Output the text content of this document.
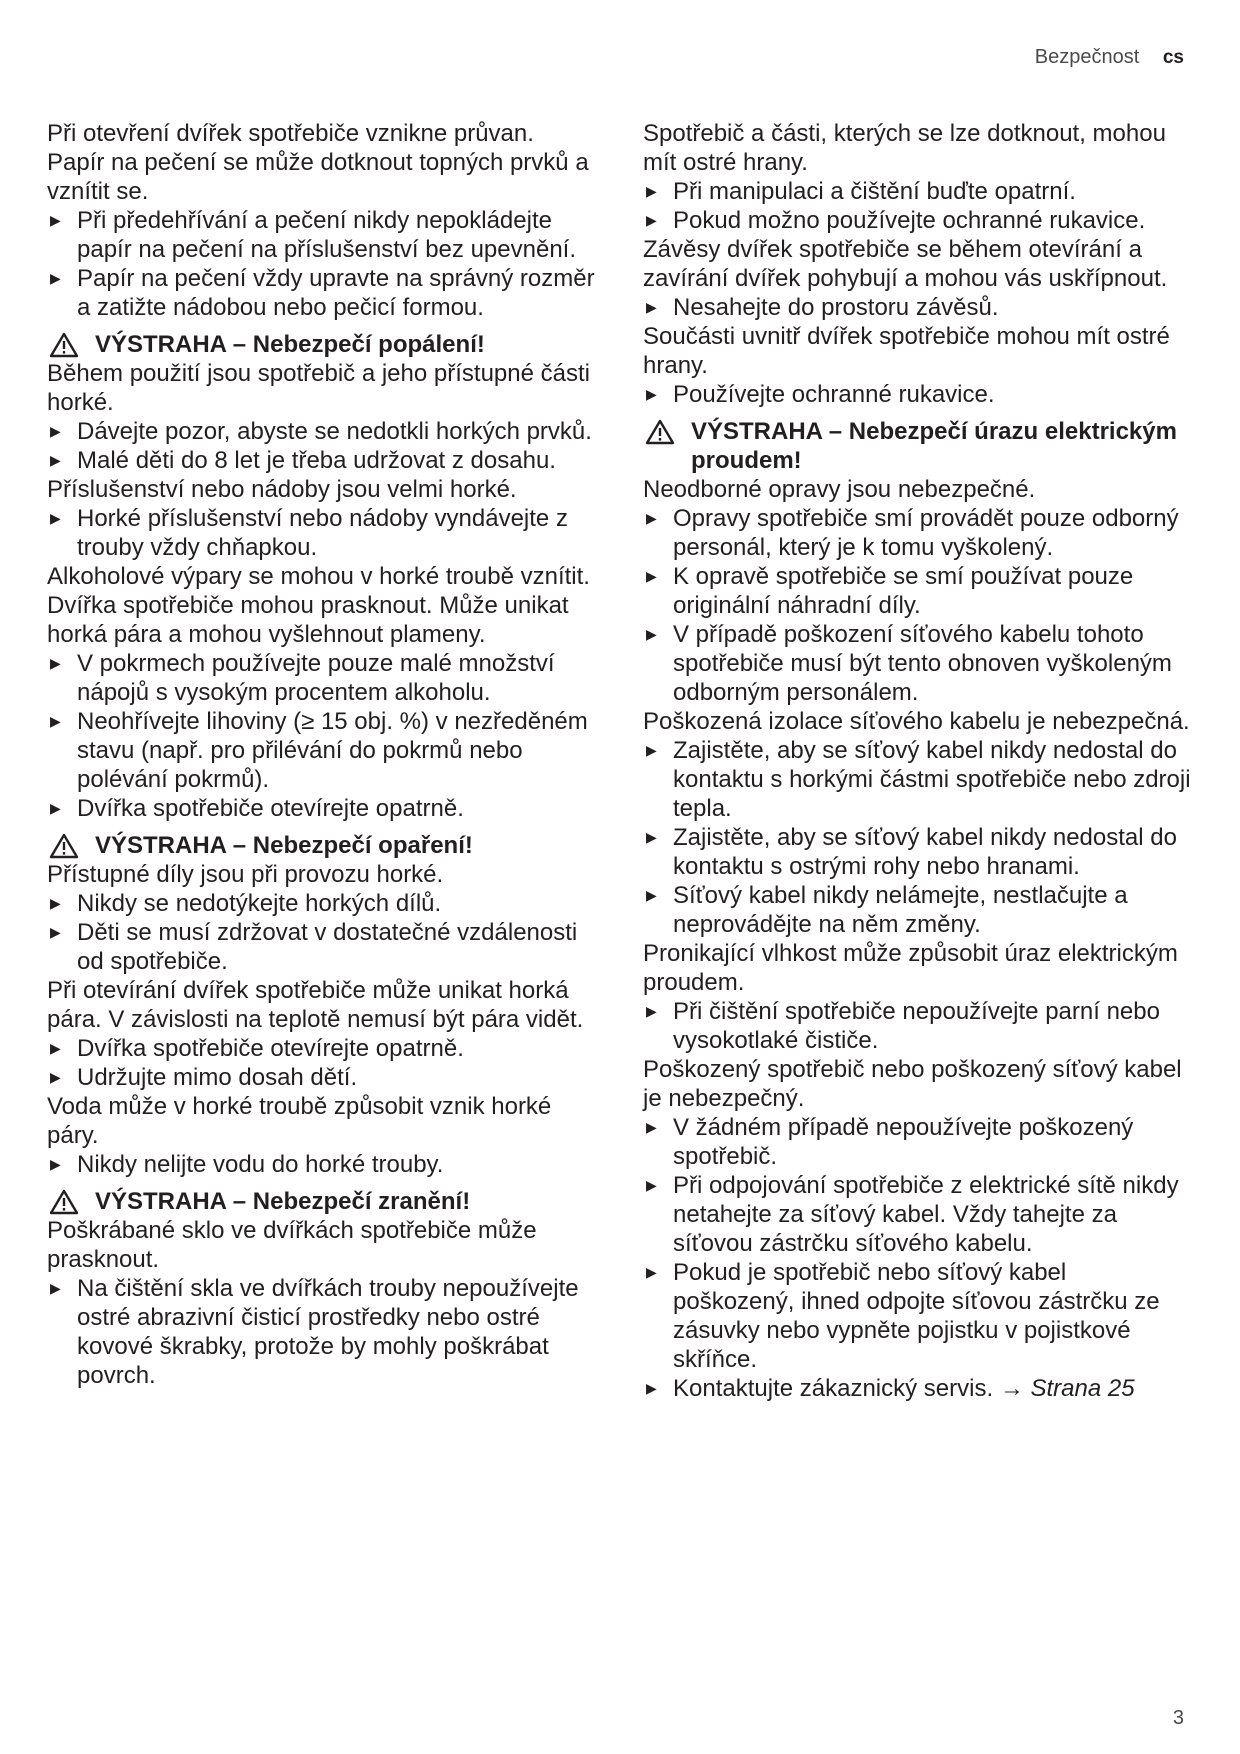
Bezpečnost cs

Při otevření dvířek spotřebiče vznikne průvan. Papír na pečení se může dotknout topných prvků a vznítit se.

▶ Při předehřívání a pečení nikdy nepokládejte papír na pečení na příslušenství bez upevnění.
▶ Papír na pečení vždy upravte na správný rozměr a zatižte nádobou nebo pečicí formou.
VÝSTRAHA – Nebezpečí popálení!

Během použití jsou spotřebič a jeho přístupné části horké.

▶ Dávejte pozor, abyste se nedotkli horkých prvků.
▶ Malé děti do 8 let je třeba udržovat z dosahu.

Příslušenství nebo nádoby jsou velmi horké.

▶ Horké příslušenství nebo nádoby vyndávejte z trouby vždy chňapkou.

Alkoholové výpary se mohou v horké troubě vznítit. Dvířka spotřebiče mohou prasknout. Může unikat horká pára a mohou vyšlehnout plameny.

▶ V pokrmech používejte pouze malé množství nápojů s vysokým procentem alkoholu.
▶ Neohřívejte lihoviny (≥ 15 obj. %) v nezředěném stavu (např. pro přilévání do pokrmů nebo polévání pokrmů).
▶ Dvířka spotřebiče otevírejte opatrně.
VÝSTRAHA – Nebezpečí opaření!

Přístupné díly jsou při provozu horké.

▶ Nikdy se nedotýkejte horkých dílů.
▶ Děti se musí zdržovat v dostatečné vzdálenosti od spotřebiče.

Při otevírání dvířek spotřebiče může unikat horká pára. V závislosti na teplotě nemusí být pára vidět.

▶ Dvířka spotřebiče otevírejte opatrně.
▶ Udržujte mimo dosah dětí.

Voda může v horké troubě způsobit vznik horké páry.

▶ Nikdy nelijte vodu do horké trouby.
VÝSTRAHA – Nebezpečí zranění!

Poškrábané sklo ve dvířkách spotřebiče může prasknout.

▶ Na čištění skla ve dvířkách trouby nepoužívejte ostré abrazivní čisticí prostředky nebo ostré kovové škrabky, protože by mohly poškrábat povrch.

Spotřebič a části, kterých se lze dotknout, mohou mít ostré hrany.

▶ Při manipulaci a čištění buďte opatrní.
▶ Pokud možno používejte ochranné rukavice.

Závěsy dvířek spotřebiče se během otevírání a zavírání dvířek pohybují a mohou vás uskřípnout.

▶ Nesahejte do prostoru závěsů.

Součásti uvnitř dvířek spotřebiče mohou mít ostré hrany.

▶ Používejte ochranné rukavice.
VÝSTRAHA – Nebezpečí úrazu elektrickým proudem!

Neodborné opravy jsou nebezpečné.

▶ Opravy spotřebiče smí provádět pouze odborný personál, který je k tomu vyškolený.
▶ K opravě spotřebiče se smí používat pouze originální náhradní díly.
▶ V případě poškození síťového kabelu tohoto spotřebiče musí být tento obnoven vyškoleným odborným personálem.

Poškozená izolace síťového kabelu je nebezpečná.

▶ Zajistěte, aby se síťový kabel nikdy nedostal do kontaktu s horkými částmi spotřebiče nebo zdroji tepla.
▶ Zajistěte, aby se síťový kabel nikdy nedostal do kontaktu s ostrými rohy nebo hranami.
▶ Síťový kabel nikdy nelámejte, nestlačujte a neprovádějte na něm změny.

Pronikající vlhkost může způsobit úraz elektrickým proudem.

▶ Při čištění spotřebiče nepoužívejte parní nebo vysokotlaké čističe.

Poškozený spotřebič nebo poškozený síťový kabel je nebezpečný.

▶ V žádném případě nepoužívejte poškozený spotřebič.
▶ Při odpojování spotřebiče z elektrické sítě nikdy netahejte za síťový kabel. Vždy tahejte za síťovou zástrčku síťového kabelu.
▶ Pokud je spotřebič nebo síťový kabel poškozený, ihned odpojte síťovou zástrčku ze zásuvky nebo vypněte pojistku v pojistkové skříňce.
▶ Kontaktujte zákaznický servis. → Strana 25
3
